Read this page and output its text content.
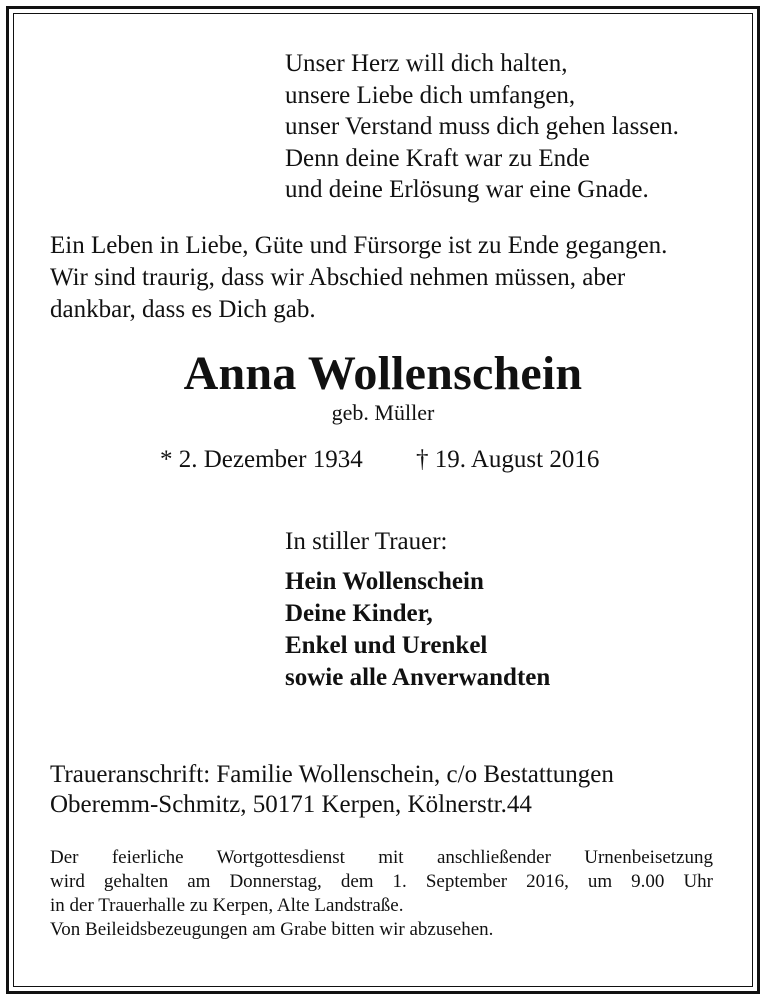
Unser Herz will dich halten,
unsere Liebe dich umfangen,
unser Verstand muss dich gehen lassen.
Denn deine Kraft war zu Ende
und deine Erlösung war eine Gnade.
Ein Leben in Liebe, Güte und Fürsorge ist zu Ende gegangen.
Wir sind traurig, dass wir Abschied nehmen müssen, aber
dankbar, dass es Dich gab.
Anna Wollenschein
geb. Müller
* 2. Dezember 1934 † 19. August 2016
In stiller Trauer:
Hein Wollenschein
Deine Kinder,
Enkel und Urenkel
sowie alle Anverwandten
Traueranschrift: Familie Wollenschein, c/o Bestattungen
Oberemm-Schmitz, 50171 Kerpen, Kölnerstr.44
Der feierliche Wortgottesdienst mit anschließender Urnenbeisetzung
wird gehalten am Donnerstag, dem 1. September 2016, um 9.00 Uhr
in der Trauerhalle zu Kerpen, Alte Landstraße.
Von Beileidsbezeugungen am Grabe bitten wir abzusehen.
